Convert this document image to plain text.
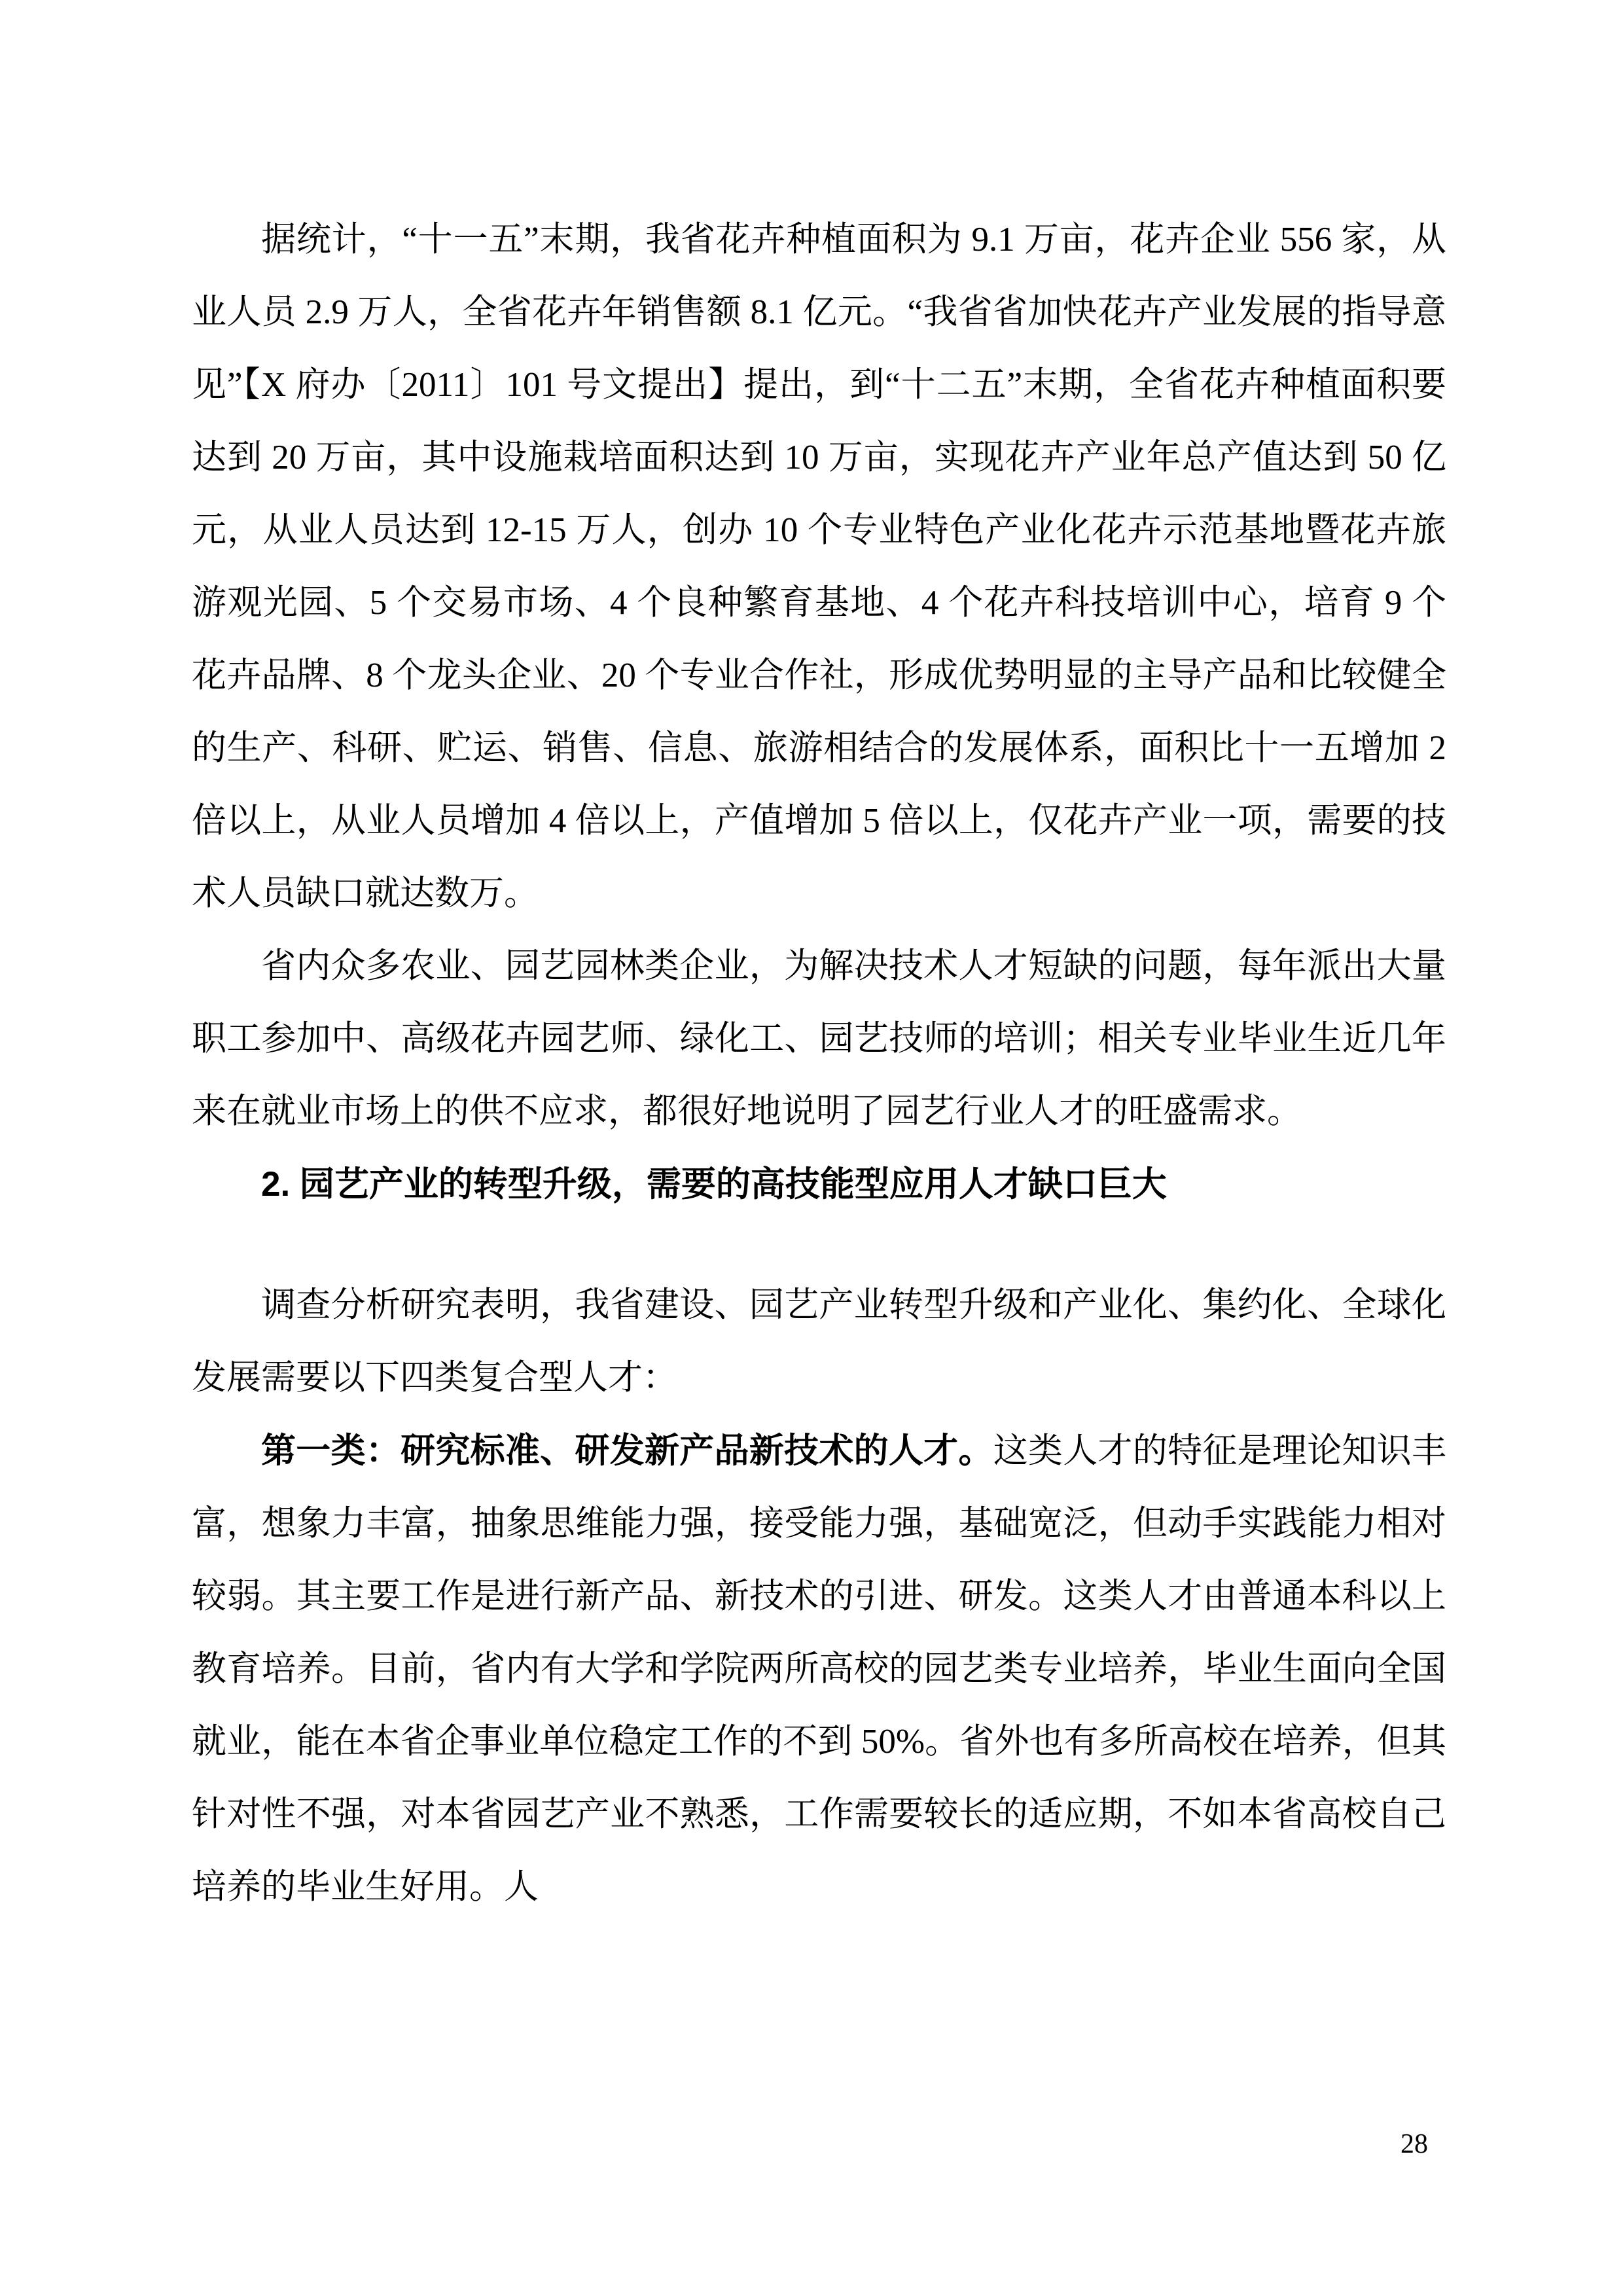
据统计，“十一五”末期，我省花卉种植面积为 9.1 万亩，花卉企业 556 家，从业人员 2.9 万人，全省花卉年销售额 8.1 亿元。“我省省加快花卉产业发展的指导意见”【X 府办〔2011〕101 号文提出】提出，到“十二五”末期，全省花卉种植面积要达到 20 万亩，其中设施栽培面积达到 10 万亩，实现花卉产业年总产值达到 50 亿元，从业人员达到 12-15 万人，创办 10 个专业特色产业化花卉示范基地暨花卉旅游观光园、5 个交易市场、4 个良种繁育基地、4 个花卉科技培训中心，培育 9 个花卉品牌、8 个龙头企业、20 个专业合作社，形成优势明显的主导产品和比较健全的生产、科研、贮运、销售、信息、旅游相结合的发展体系，面积比十一五增加 2 倍以上，从业人员增加 4 倍以上，产值增加 5 倍以上，仅花卉产业一项，需要的技术人员缺口就达数万。

省内众多农业、园艺园林类企业，为解决技术人才短缺的问题，每年派出大量职工参加中、高级花卉园艺师、绿化工、园艺技师的培训；相关专业毕业生近几年来在就业市场上的供不应求，都很好地说明了园艺行业人才的旺盛需求。

2. 园艺产业的转型升级，需要的高技能型应用人才缺口巨大

调查分析研究表明，我省建设、园艺产业转型升级和产业化、集约化、全球化发展需要以下四类复合型人才：

第一类：研究标准、研发新产品新技术的人才。这类人才的特征是理论知识丰富，想象力丰富，抽象思维能力强，接受能力强，基础宽泛，但动手实践能力相对较弱。其主要工作是进行新产品、新技术的引进、研发。这类人才由普通本科以上教育培养。目前，省内有大学和学院两所高校的园艺类专业培养，毕业生面向全国就业，能在本省企事业单位稳定工作的不到 50%。省外也有多所高校在培养，但其针对性不强，对本省园艺产业不熟悉，工作需要较长的适应期，不如本省高校自己培养的毕业生好用。人

28
